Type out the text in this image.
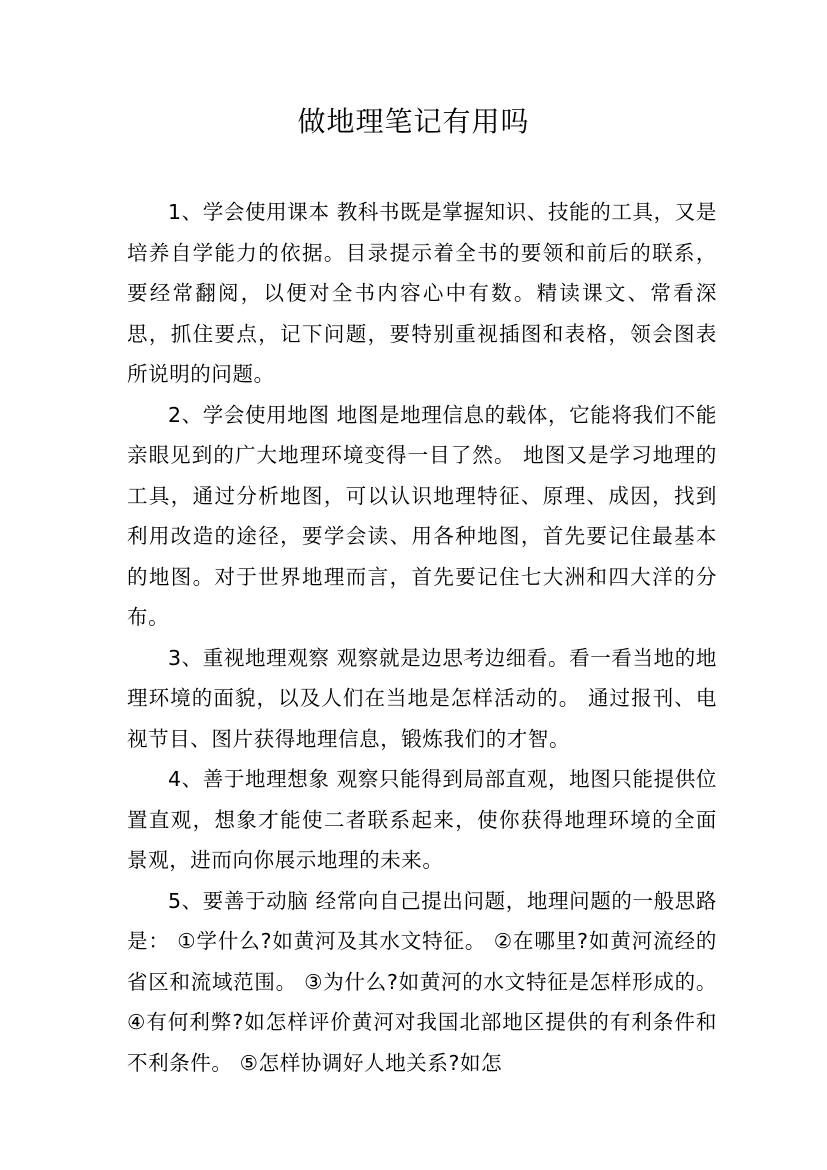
做地理笔记有用吗

1、学会使用课本 教科书既是掌握知识、技能的工具，又是培养自学能力的依据。目录提示着全书的要领和前后的联系，要经常翻阅，以便对全书内容心中有数。精读课文、常看深思，抓住要点，记下问题，要特别重视插图和表格，领会图表所说明的问题。

2、学会使用地图 地图是地理信息的载体，它能将我们不能亲眼见到的广大地理环境变得一目了然。 地图又是学习地理的工具，通过分析地图，可以认识地理特征、原理、成因，找到利用改造的途径，要学会读、用各种地图，首先要记住最基本的地图。对于世界地理而言，首先要记住七大洲和四大洋的分布。

3、重视地理观察 观察就是边思考边细看。看一看当地的地理环境的面貌，以及人们在当地是怎样活动的。 通过报刊、电视节目、图片获得地理信息，锻炼我们的才智。

4、善于地理想象 观察只能得到局部直观，地图只能提供位置直观，想象才能使二者联系起来，使你获得地理环境的全面景观，进而向你展示地理的未来。

5、要善于动脑 经常向自己提出问题，地理问题的一般思路是： ①学什么?如黄河及其水文特征。 ②在哪里?如黄河流经的省区和流域范围。 ③为什么?如黄河的水文特征是怎样形成的。 ④有何利弊?如怎样评价黄河对我国北部地区提供的有利条件和不利条件。 ⑤怎样协调好人地关系?如怎
